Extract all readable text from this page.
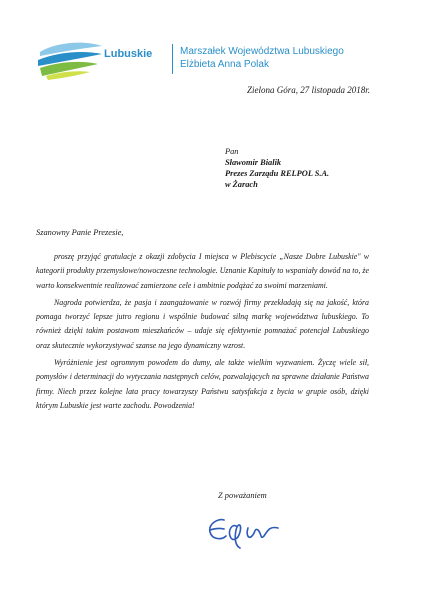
Lubuskie	Marszałek Województwa Lubuskiego
Elżbieta Anna Polak
Zielona Góra, 27 listopada 2018r.
Pan
Sławomir Bialik
Prezes Zarządu RELPOL S.A.
w Żarach
Szanowny Panie Prezesie,

proszę przyjąć gratulacje z okazji zdobycia I miejsca w Plebiscycie „Nasze Dobre Lubuskie" w kategorii produkty przemysłowe/nowoczesne technologie. Uznanie Kapituły to wspaniały dowód na to, że warto konsekwentnie realizować zamierzone cele i ambitnie podążać za swoimi marzeniami.

Nagroda potwierdza, że pasja i zaangażowanie w rozwój firmy przekładają się na jakość, która pomaga tworzyć lepsze jutro regionu i wspólnie budować silną markę województwa lubuskiego. To również dzięki takim postawom mieszkańców – udaje się efektywnie pomnażać potencjał Lubuskiego oraz skutecznie wykorzystywać szanse na jego dynamiczny wzrost.

Wyróżnienie jest ogromnym powodem do dumy, ale także wielkim wyzwaniem. Życzę wiele sił, pomysłów i determinacji do wytyczania następnych celów, pozwalających na sprawne działanie Państwa firmy. Niech przez kolejne lata pracy towarzyszy Państwu satysfakcja z bycia w grupie osób, dzięki którym Lubuskie jest warte zachodu. Powodzenia!

Z poważaniem
